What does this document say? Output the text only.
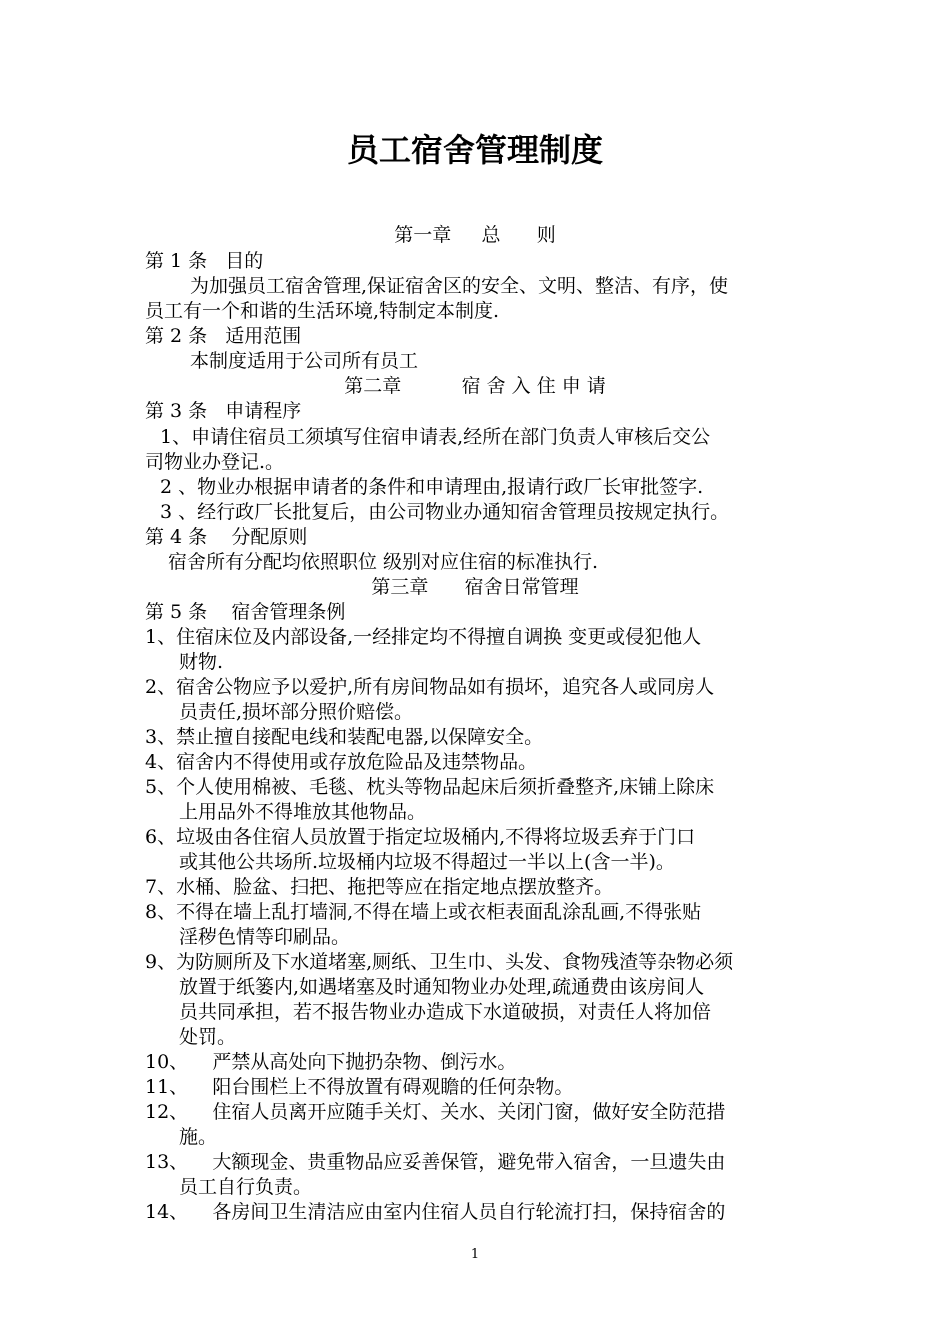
员工宿舍管理制度
第一章     总      则
第 1 条   目的
为加强员工宿舍管理,保证宿舍区的安全、文明、整洁、有序，使
员工有一个和谐的生活环境,特制定本制度.
第 2 条   适用范围
本制度适用于公司所有员工
第二章          宿 舍 入 住 申 请
第 3 条   申请程序
1、申请住宿员工须填写住宿申请表,经所在部门负责人审核后交公
司物业办登记.。
2 、物业办根据申请者的条件和申请理由,报请行政厂长审批签字.
3 、经行政厂长批复后，由公司物业办通知宿舍管理员按规定执行。
第 4 条    分配原则
宿舍所有分配均依照职位 级别对应住宿的标准执行.
第三章      宿舍日常管理
第 5 条    宿舍管理条例
1、住宿床位及内部设备,一经排定均不得擅自调换 变更或侵犯他人
财物.
2、宿舍公物应予以爱护,所有房间物品如有损坏，追究各人或同房人
员责任,损坏部分照价赔偿。
3、禁止擅自接配电线和装配电器,以保障安全。
4、宿舍内不得使用或存放危险品及违禁物品。
5、个人使用棉被、毛毯、枕头等物品起床后须折叠整齐,床铺上除床
上用品外不得堆放其他物品。
6、垃圾由各住宿人员放置于指定垃圾桶内,不得将垃圾丢弃于门口
或其他公共场所.垃圾桶内垃圾不得超过一半以上(含一半)。
7、水桶、脸盆、扫把、拖把等应在指定地点摆放整齐。
8、不得在墙上乱打墙洞,不得在墙上或衣柜表面乱涂乱画,不得张贴
淫秽色情等印刷品。
9、为防厕所及下水道堵塞,厕纸、卫生巾、头发、食物残渣等杂物必须
放置于纸篓内,如遇堵塞及时通知物业办处理,疏通费由该房间人
员共同承担，若不报告物业办造成下水道破损，对责任人将加倍
处罚。
10、    严禁从高处向下抛扔杂物、倒污水。
11、    阳台围栏上不得放置有碍观瞻的任何杂物。
12、    住宿人员离开应随手关灯、关水、关闭门窗，做好安全防范措
施。
13、    大额现金、贵重物品应妥善保管，避免带入宿舍，一旦遗失由
员工自行负责。
14、    各房间卫生清洁应由室内住宿人员自行轮流打扫，保持宿舍的
1
